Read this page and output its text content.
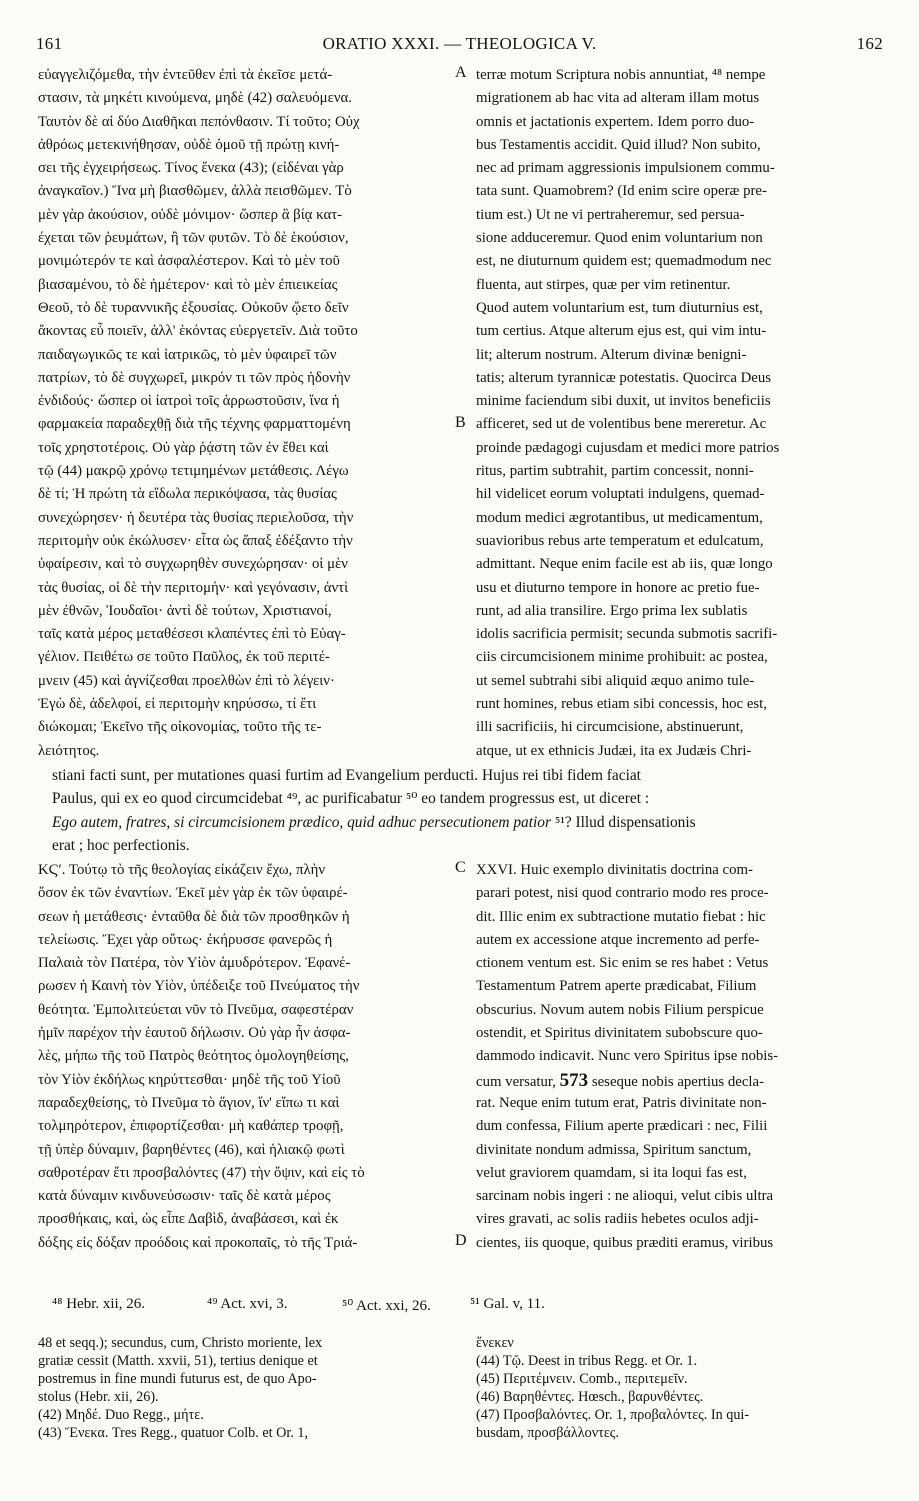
161	ORATIO XXXI. — THEOLOGICA V.	162
εὐαγγελιζόμεθα, τὴν ἐντεῦθεν ἐπὶ τὰ ἐκεῖσε μετά-
στασιν, τὰ μηκέτι κινούμενα, μηδὲ (42) σαλευόμενα.
Ταυτὸν δὲ αἱ δύο Διαθῆκαι πεπόνθασιν. Τί τοῦτο; Οὐχ
ἀθρόως μετεκινήθησαν, οὐδὲ ὁμοῦ τῇ πρώτῃ κινή-
σει τῆς ἐγχειρήσεως. Τίνος ἕνεκα (43); (εἰδέναι γὰρ
ἀναγκαῖον.) Ἵνα μὴ βιασθῶμεν, ἀλλὰ πεισθῶμεν. Τὸ
μὲν γὰρ ἀκούσιον, οὐδὲ μόνιμον· ὥσπερ ἃ βίᾳ κατ-
έχεται τῶν ῥευμάτων, ἢ τῶν φυτῶν. Τὸ δὲ ἑκούσιον,
μονιμώτερόν τε καὶ ἀσφαλέστερον. Καὶ τὸ μὲν τοῦ
βιασαμένου, τὸ δὲ ἡμέτερον· καὶ τὸ μὲν ἐπιεικείας
Θεοῦ, τὸ δὲ τυραννικῆς ἐξουσίας. Οὐκοῦν ᾤετο δεῖν
ἄκοντας εὖ ποιεῖν, ἀλλ' ἑκόντας εὐεργετεῖν. Διὰ τοῦτο
παιδαγωγικῶς τε καὶ ἰατρικῶς, τὸ μὲν ὑφαιρεῖ τῶν
πατρίων, τὸ δὲ συγχωρεῖ, μικρόν τι τῶν πρὸς ἡδονὴν
ἐνδιδούς· ὥσπερ οἱ ἰατροὶ τοῖς ἀρρωστοῦσιν, ἵνα ἡ
φαρμακεία παραδεχθῇ διὰ τῆς τέχνης φαρματτομένη
τοῖς χρηστοτέροις. Οὐ γὰρ ῥᾴστη τῶν ἐν ἔθει καὶ
τῷ (44) μακρῷ χρόνῳ τετιμημένων μετάθεσις. Λέγω
δὲ τί; Ἡ πρώτη τὰ εἴδωλα περικόψασα, τὰς θυσίας
συνεχώρησεν· ἡ δευτέρα τὰς θυσίας περιελοῦσα, τὴν
περιτομὴν οὐκ ἐκώλυσεν· εἶτα ὡς ἅπαξ ἐδέξαντο τὴν
ὑφαίρεσιν, καὶ τὸ συγχωρηθὲν συνεχώρησαν· οἱ μὲν
τὰς θυσίας, οἱ δὲ τὴν περιτομήν· καὶ γεγόνασιν, ἀντὶ
μὲν ἐθνῶν, Ἰουδαῖοι· ἀντὶ δὲ τούτων, Χριστιανοί,
ταῖς κατὰ μέρος μεταθέσεσι κλαπέντες ἐπὶ τὸ Εὐαγ-
γέλιον. Πειθέτω σε τοῦτο Παῦλος, ἐκ τοῦ περιτέ-
μνειν (45) καὶ ἁγνίζεσθαι προελθὼν ἐπὶ τὸ λέγειν·
Ἐγὼ δὲ, ἀδελφοί, εἰ περιτομὴν κηρύσσω, τί ἔτι
διώκομαι; Ἐκεῖνο τῆς οἰκονομίας, τοῦτο τῆς τε-
λειότητος.
terræ motum Scriptura nobis annuntiat, ⁴⁸ nempe
migrationem ab hac vita ad alteram illam motus
omnis et jactationis expertem. Idem porro duo-
bus Testamentis accidit. Quid illud? Non subito,
nec ad primam aggressionis impulsionem commu-
tata sunt. Quamobrem? (Id enim scire operæ pre-
tium est.) Ut ne vi pertraheremur, sed persua-
sione adduceremur. Quod enim voluntarium non
est, ne diuturnum quidem est; quemadmodum nec
fluenta, aut stirpes, quæ per vim retinentur.
Quod autem voluntarium est, tum diuturnius est,
tum certius. Atque alterum ejus est, qui vim intu-
lit; alterum nostrum. Alterum divinæ benigni-
tatis; alterum tyrannicæ potestatis. Quocirca Deus
minime faciendum sibi duxit, ut invitos beneficiis
afficeret, sed ut de volentibus bene mereretur. Ac
proinde pædagogi cujusdam et medici more patrios
ritus, partim subtrahit, partim concessit, nonni-
hil videlicet eorum voluptati indulgens, quemad-
modum medici ægrotantibus, ut medicamentum,
suavioribus rebus arte temperatum et edulcatum,
admittant. Neque enim facile est ab iis, quæ longo
usu et diuturno tempore in honore ac pretio fue-
runt, ad alia transilire. Ergo prima lex sublatis
idolis sacrificia permisit; secunda submotis sacrifi-
ciis circumcisionem minime prohibuit: ac postea,
ut semel subtrahi sibi aliquid æquo animo tule-
runt homines, rebus etiam sibi concessis, hoc est,
illi sacrificiis, hi circumcisione, abstinuerunt,
atque, ut ex ethnicis Judæi, ita ex Judæis Chri-
A
B
stiani facti sunt, per mutationes quasi furtim ad Evangelium perducti. Hujus rei tibi fidem faciat
Paulus, qui ex eo quod circumcidebat ⁴⁹, ac purificabatur ⁵⁰ eo tandem progressus est, ut diceret :
Ego autem, fratres, si circumcisionem prædico, quid adhuc persecutionem patior ⁵¹? Illud dispensationis
erat ; hoc perfectionis.
ΚϚʹ. Τούτῳ τὸ τῆς θεολογίας εἰκάζειν ἔχω, πλὴν
ὅσον ἐκ τῶν ἐναντίων. Ἐκεῖ μὲν γὰρ ἐκ τῶν ὑφαιρέ-
σεων ἡ μετάθεσις· ἐνταῦθα δὲ διὰ τῶν προσθηκῶν ἡ
τελείωσις. Ἔχει γὰρ οὕτως· ἐκήρυσσε φανερῶς ἡ
Παλαιὰ τὸν Πατέρα, τὸν Υἱὸν ἀμυδρότερον. Ἐφανέ-
ρωσεν ἡ Καινὴ τὸν Υἱὸν, ὑπέδειξε τοῦ Πνεύματος τὴν
θεότητα. Ἐμπολιτεύεται νῦν τὸ Πνεῦμα, σαφεστέραν
ἡμῖν παρέχον τὴν ἑαυτοῦ δήλωσιν. Οὐ γὰρ ἦν ἀσφα-
λὲς, μήπω τῆς τοῦ Πατρὸς θεότητος ὁμολογηθείσης,
τὸν Υἱὸν ἐκδήλως κηρύττεσθαι· μηδὲ τῆς τοῦ Υἱοῦ
παραδεχθείσης, τὸ Πνεῦμα τὸ ἅγιον, ἵν' εἴπω τι καὶ
τολμηρότερον, ἐπιφορτίζεσθαι· μὴ καθάπερ τροφῇ,
τῇ ὑπὲρ δύναμιν, βαρηθέντες (46), καὶ ἡλιακῷ φωτὶ
σαθροτέραν ἔτι προσβαλόντες (47) τὴν ὄψιν, καὶ εἰς τὸ
κατὰ δύναμιν κινδυνεύσωσιν· ταῖς δὲ κατὰ μέρος
προσθήκαις, καὶ, ὡς εἶπε Δαβὶδ, ἀναβάσεσι, καὶ ἐκ
δόξης εἰς δόξαν προόδοις καὶ προκοπαῖς, τὸ τῆς Τριά-
XXVI. Huic exemplo divinitatis doctrina com-
parari potest, nisi quod contrario modo res proce-
dit. Illic enim ex subtractione mutatio fiebat : hic
autem ex accessione atque incremento ad perfe-
ctionem ventum est. Sic enim se res habet : Vetus
Testamentum Patrem aperte prædicabat, Filium
obscurius. Novum autem nobis Filium perspicue
ostendit, et Spiritus divinitatem subobscure quo-
dammodo indicavit. Nunc vero Spiritus ipse nobis-
cum versatur, 573 seseque nobis apertius decla-
rat. Neque enim tutum erat, Patris divinitate non-
dum confessa, Filium aperte prædicari : nec, Filii
divinitate nondum admissa, Spiritum sanctum,
velut graviorem quamdam, si ita loqui fas est,
sarcinam nobis ingeri : ne alioqui, velut cibis ultra
vires gravati, ac solis radiis hebetes oculos adji-
cientes, iis quoque, quibus præditi eramus, viribus
C
D
⁴⁸ Hebr. xii, 26.	⁴⁹ Act. xvi, 3.	⁵⁰ Act. xxi, 26.	⁵¹ Gal. v, 11.
48 et seqq.); secundus, cum, Christo moriente, lex
gratiæ cessit (Matth. xxvii, 51), tertius denique et
postremus in fine mundi futurus est, de quo Apo-
stolus (Hebr. xii, 26).
(42) Μηδέ. Duo Regg., μήτε.
(43) Ἕνεκα. Tres Regg., quatuor Colb. et Or. 1,
ἕνεκεν
(44) Τῷ. Deest in tribus Regg. et Or. 1.
(45) Περιτέμνειν. Comb., περιτεμεῖν.
(46) Βαρηθέντες. Hœsch., βαρυνθέντες.
(47) Προσβαλόντες. Or. 1, προβαλόντες. In qui-
busdam, προσβάλλοντες.
